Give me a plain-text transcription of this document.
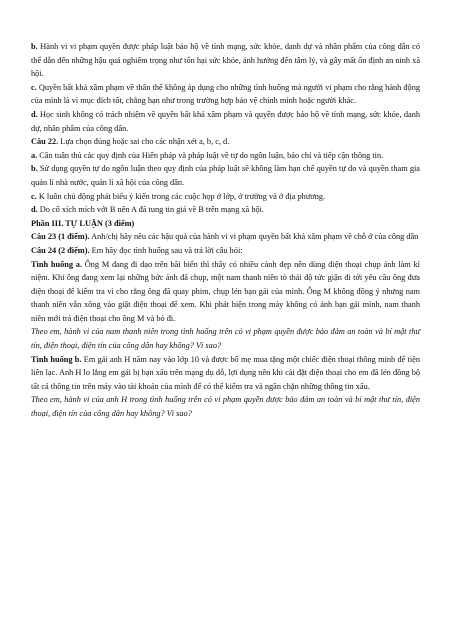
b. Hành vi vi phạm quyền được pháp luật bảo hộ về tính mạng, sức khỏe, danh dự và nhân phẩm của công dân có thể dẫn đến những hậu quả nghiêm trọng như tổn hại sức khỏe, ảnh hưởng đến tâm lý, và gây mất ổn định an ninh xã hội.

c. Quyền bất khả xâm phạm về thân thể không áp dụng cho những tình huống mà người vi phạm cho rằng hành động của mình là vì mục đích tốt, chẳng hạn như trong trường hợp bảo vệ chính mình hoặc người khác.

d. Học sinh không có trách nhiệm về quyền bất khả xâm phạm và quyền được bảo hộ về tính mạng, sức khỏe, danh dự, nhân phẩm của công dân.

Câu 22. Lựa chọn đúng hoặc sai cho các nhận xét a, b, c, d.

a. Cần tuân thủ các quy định của Hiến pháp và pháp luật về tự do ngôn luận, báo chí và tiếp cận thông tin.

b. Sử dụng quyền tự do ngôn luận theo quy định của pháp luật sẽ không làm hạn chế quyền tự do và quyền tham gia quản lí nhà nước, quản lí xã hội của công dân.

c. K luôn chủ động phát biểu ý kiến trong các cuộc họp ở lớp, ở trường và ở địa phương.

d. Do cố xích mích với B nên A đã tung tin giả về B trên mạng xã hội.

Phần III. TỰ LUẬN (3 điểm)

Câu 23 (1 điểm). Anh/chị hãy nêu các hậu quả của hành vi vi phạm quyền bất khả xâm phạm về chỗ ở của công dân

Câu 24 (2 điểm). Em hãy đọc tình huống sau và trả lời câu hỏi:

Tình huống a. Ông M đang đi dạo trên bãi biển thì thấy có nhiều cảnh đẹp nên dùng điện thoại chụp ảnh làm kỉ niệm. Khi ông đang xem lại những bức ảnh đã chụp, một nam thanh niên tò thái độ tức giận đi tới yêu cầu ông đưa điện thoại để kiểm tra vì cho rằng ông đã quay phim, chụp lén bạn gái của mình. Ông M không đồng ý nhưng nam thanh niên vẫn xông vào giật điện thoại để xem. Khi phát hiện trong máy không có ảnh bạn gái mình, nam thanh niên mới trả điện thoại cho ông M và bỏ đi.

Theo em, hành vi của nam thanh niên trong tình huống trên có vi phạm quyền được bảo đảm an toàn và bí mật thư tín, điện thoại, điện tín của công dân hay không? Vì sao?

Tình huống b. Em gái anh H năm nay vào lớp 10 và được bố mẹ mua tặng một chiếc điện thoại thông minh để tiện liên lạc. Anh H lo lắng em gái bị bạn xấu trên mạng dụ dỗ, lợi dụng nên khi cài đặt điện thoại cho em đã lén đồng bộ tất cả thông tin trên máy vào tài khoản của mình để có thể kiểm tra và ngăn chặn những thông tin xấu.

Theo em, hành vi của anh H trong tình huống trên có vi phạm quyền được bảo đảm an toàn và bí mật thư tín, điện thoại, điện tín của công dân hay không? Vì sao?
